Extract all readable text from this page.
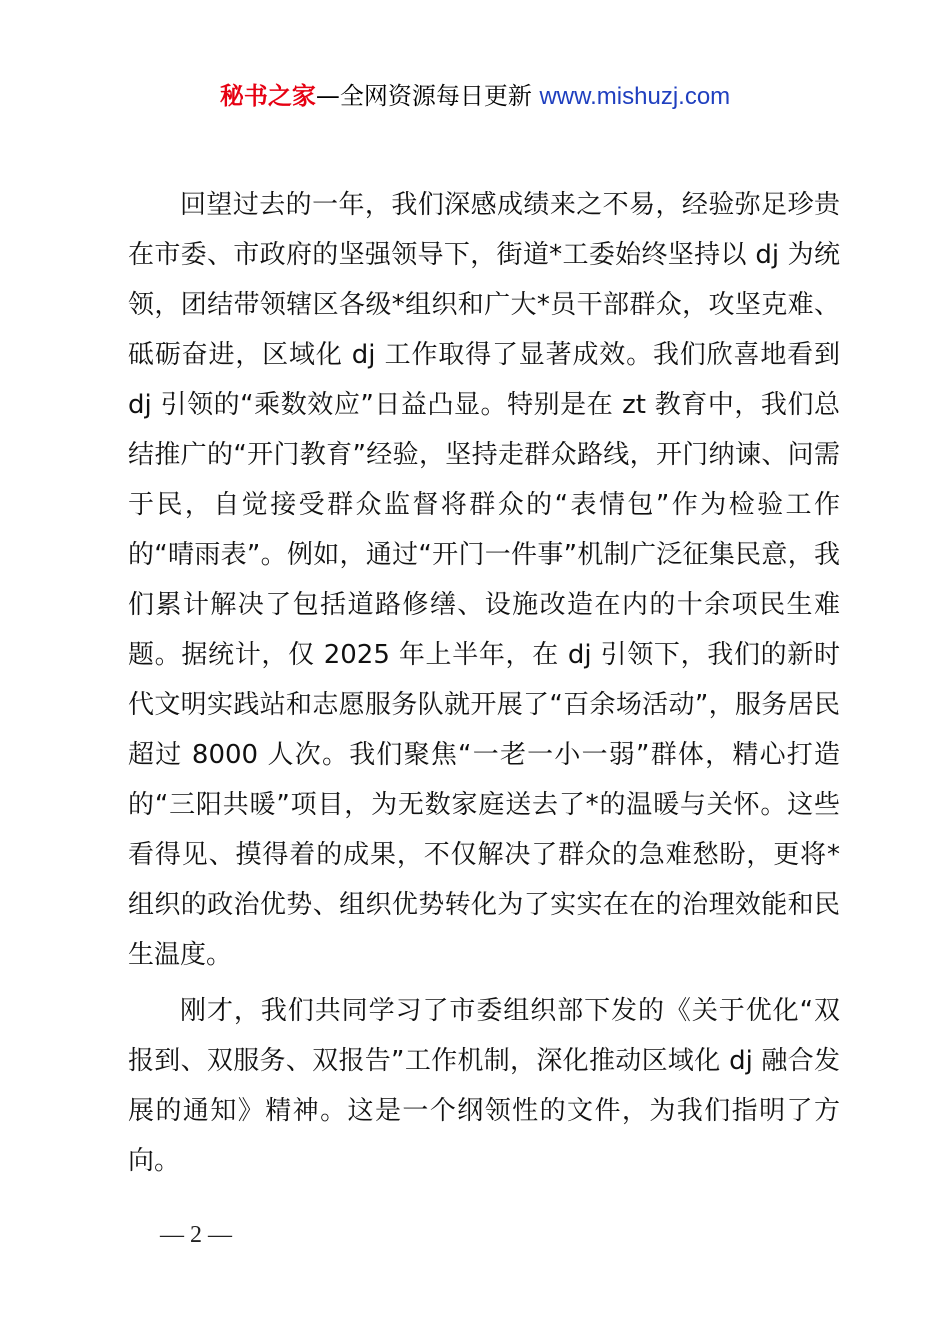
秘书之家—全网资源每日更新 www.mishuzj.com

回望过去的一年，我们深感成绩来之不易，经验弥足珍贵在市委、市政府的坚强领导下，街道*工委始终坚持以 dj 为统领，团结带领辖区各级*组织和广大*员干部群众，攻坚克难、砥砺奋进，区域化 dj 工作取得了显著成效。我们欣喜地看到 dj 引领的“乘数效应”日益凸显。特别是在 zt 教育中，我们总结推广的“开门教育”经验，坚持走群众路线，开门纳谏、问需于民，自觉接受群众监督将群众的“表情包”作为检验工作的“晴雨表”。例如，通过“开门一件事”机制广泛征集民意，我们累计解决了包括道路修缮、设施改造在内的十余项民生难题。据统计，仅 2025 年上半年，在 dj 引领下，我们的新时代文明实践站和志愿服务队就开展了“百余场活动”，服务居民超过 8000 人次。我们聚焦“一老一小一弱”群体，精心打造的“三阳共暖”项目，为无数家庭送去了*的温暖与关怀。这些看得见、摸得着的成果，不仅解决了群众的急难愁盼，更将*组织的政治优势、组织优势转化为了实实在在的治理效能和民生温度。

刚才，我们共同学习了市委组织部下发的《关于优化“双报到、双服务、双报告”工作机制，深化推动区域化 dj 融合发展的通知》精神。这是一个纲领性的文件，为我们指明了方向。

— 2 —
